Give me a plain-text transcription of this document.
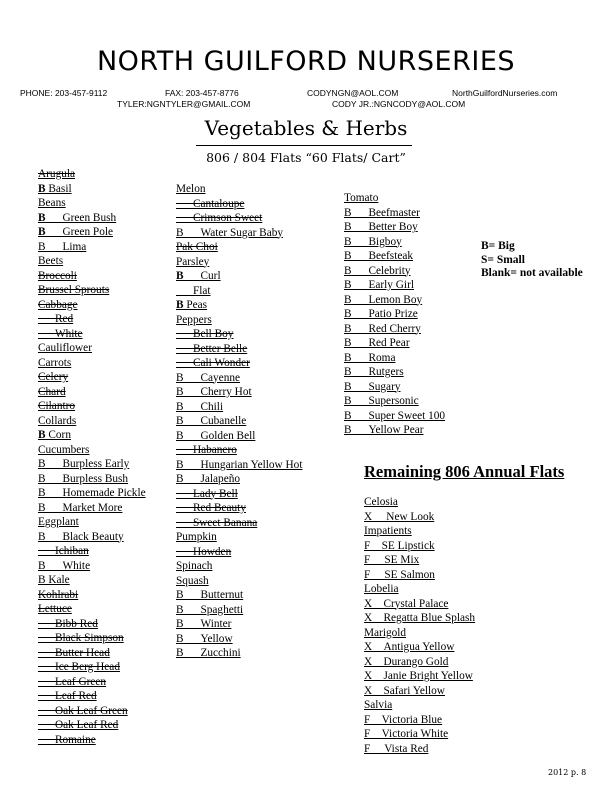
NORTH GUILFORD NURSERIES
PHONE: 203-457-9112	FAX: 203-457-8776	CODYNGN@AOL.COM	NorthGuilfordNurseries.com
TYLER:NGNTYLER@GMAIL.COM	CODY JR.:NGNCODY@AOL.COM
Vegetables & Herbs
806 / 804 Flats “60 Flats/ Cart”
Arugula
B Basil
Beans
B___Green Bush
B___Green Pole
B___Lima
Beets
Broccoli
Brussel Sprouts
Cabbage
___Red
___White
Cauliflower
Carrots
Celery
Chard
Cilantro
Collards
B Corn
Cucumbers
B___Burpless Early
B___Burpless Bush
B___Homemade Pickle
B___Market More
Eggplant
B___Black Beauty
___Ichiban
B___White
B Kale
Kohlrabi
Lettuce
___Bibb Red
___Black Simpson
___Butter Head
___Ice Berg Head
___Leaf Green
___Leaf Red
___Oak Leaf Green
___Oak Leaf Red
___Romaine
Melon
___Cantaloupe
___Crimson Sweet
B___Water Sugar Baby
Pak Choi
Parsley
B___Curl
___Flat
B Peas
Peppers
___Bell Boy
___Better Belle
___Cali Wonder
B___Cayenne
B___Cherry Hot
B___Chili
B___Cubanelle
B___Golden Bell
___Habanero
B___Hungarian Yellow Hot
B___Jalapeño
___Lady Bell
___Red Beauty
___Sweet Banana
Pumpkin
___Howden
Spinach
Squash
B___Butternut
B___Spaghetti
B___Winter
B___Yellow
B___Zucchini
Tomato
B___Beefmaster
B___Better Boy
B___Bigboy
B___Beefsteak
B___Celebrity
B___Early Girl
B___Lemon Boy
B___Patio Prize
B___Red Cherry
B___Red Pear
B___Roma
B___Rutgers
B___Sugary
B___Supersonic
B___Super Sweet 100
B___Yellow Pear
B= Big
S= Small
Blank= not available
Remaining 806 Annual Flats
Celosia
X__ New Look
Impatients
F__SE Lipstick
F__ SE Mix
F__ SE Salmon
Lobelia
X__Crystal Palace
X__Regatta Blue Splash
Marigold
X__Antigua Yellow
X__Durango Gold
X__Janie Bright Yellow
X__Safari Yellow
Salvia
F__Victoria Blue
F__Victoria White
F__ Vista Red
2012 p. 8
